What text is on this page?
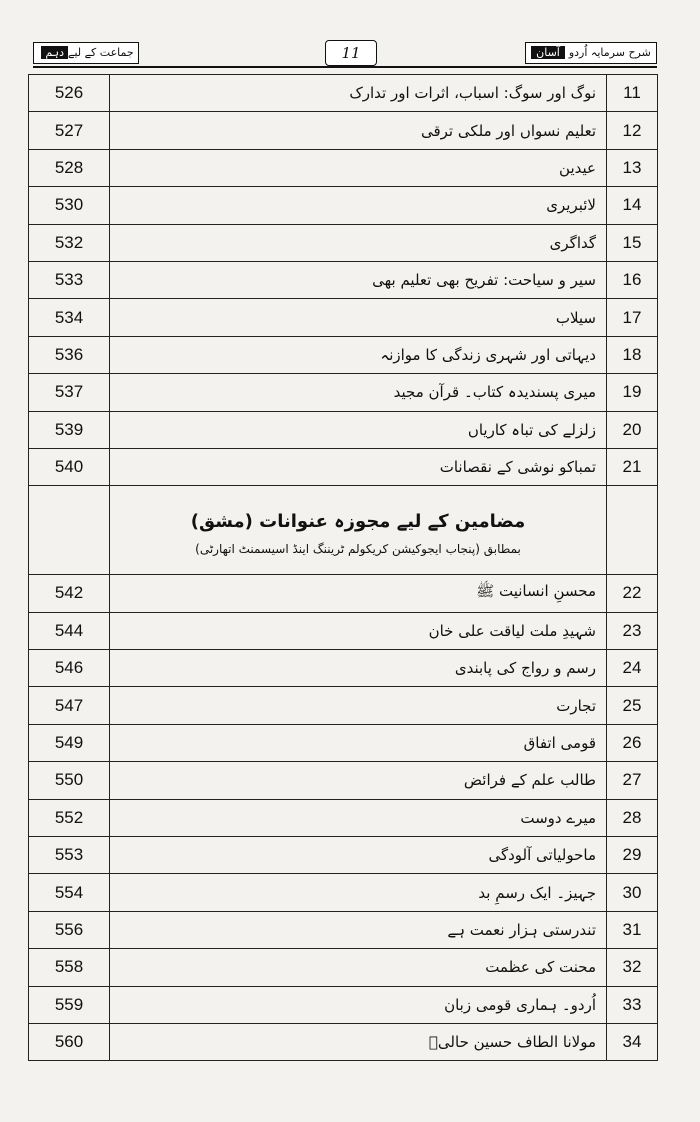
جماعت کے لیےدہم	11	شرح سرمایہ اُردوآسان
526	نوگ اور سوگ: اسباب، اثرات اور تدارک	11
527	تعلیم نسواں اور ملکی ترقی	12
528	عیدین	13
530	لائبریری	14
532	گداگری	15
533	سیر و سیاحت: تفریح بھی تعلیم بھی	16
534	سیلاب	17
536	دیہاتی اور شہری زندگی کا موازنہ	18
537	میری پسندیدہ کتاب۔ قرآن مجید	19
539	زلزلے کی تباہ کاریاں	20
540	تمباکو نوشی کے نقصانات	21

	مضامین کے لیے مجوزہ عنوانات (مشق)
بمطابق (پنجاب ایجوکیشن کریکولم ٹریننگ اینڈ اسیسمنٹ اتھارٹی)	

542	محسنِ انسانیت ﷺ	22
544	شہیدِ ملت لیاقت علی خان	23
546	رسم و رواج کی پابندی	24
547	تجارت	25
549	قومی اتفاق	26
550	طالب علم کے فرائض	27
552	میرے دوست	28
553	ماحولیاتی آلودگی	29
554	جہیز۔ ایک رسمِ بد	30
556	تندرستی ہزار نعمت ہے	31
558	محنت کی عظمت	32
559	اُردو۔ ہماری قومی زبان	33
560	مولانا الطاف حسین حالیؔ	34
